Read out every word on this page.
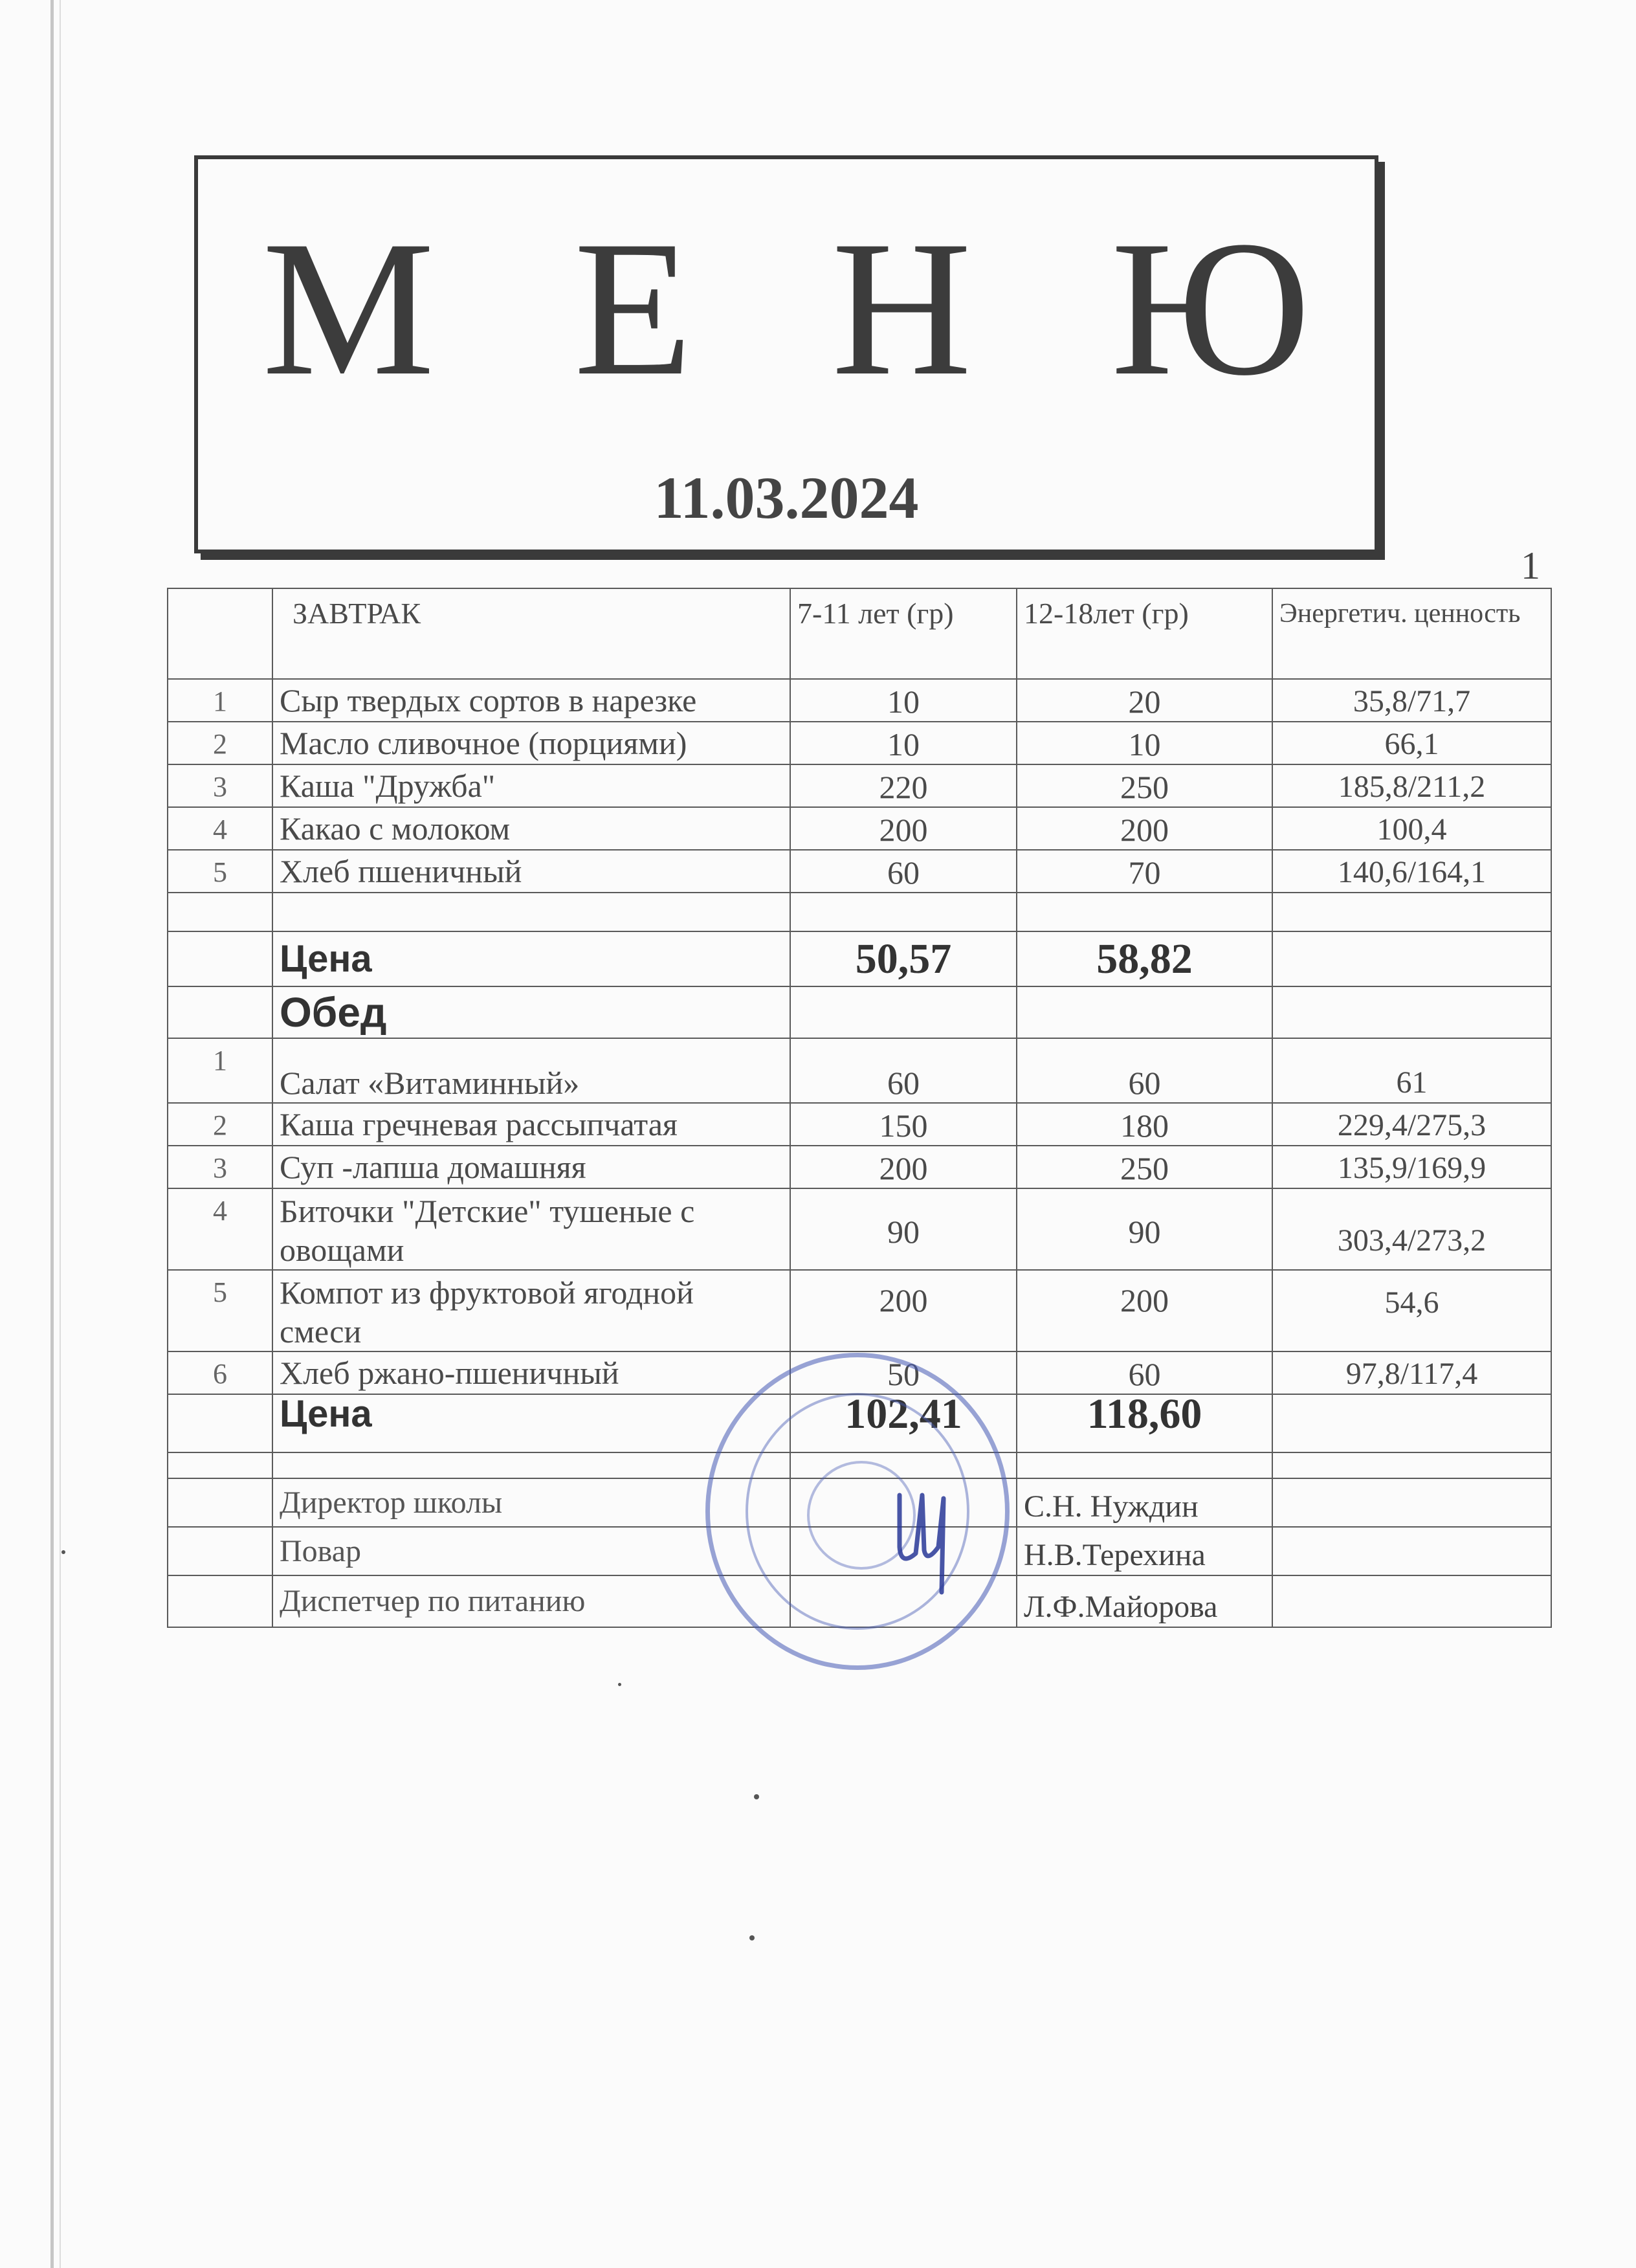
М Е Н Ю
11.03.2024
1
	ЗАВТРАК	7-11 лет (гр)	12-18лет (гр)	Энергетич. ценность
1	Сыр твердых сортов в нарезке	10	20	35,8/71,7
2	Масло сливочное (порциями)	10	10	66,1
3	Каша "Дружба"	220	250	185,8/211,2
4	Какао с молоком	200	200	100,4
5	Хлеб пшеничный	60	70	140,6/164,1

	Цена	50,57	58,82	
	Обед			
1	Салат «Витаминный»	60	60	61
2	Каша гречневая рассыпчатая	150	180	229,4/275,3
3	Суп -лапша домашняя	200	250	135,9/169,9
4	Биточки "Детские" тушеные с овощами	90	90	303,4/273,2
5	Компот из фруктовой ягодной смеси	200	200	54,6
6	Хлеб ржано-пшеничный	50	60	97,8/117,4
	Цена	102,41	118,60	

	Директор школы		С.Н. Нуждин	
	Повар		Н.В.Терехина	
	Диспетчер по питанию		Л.Ф.Майорова	
